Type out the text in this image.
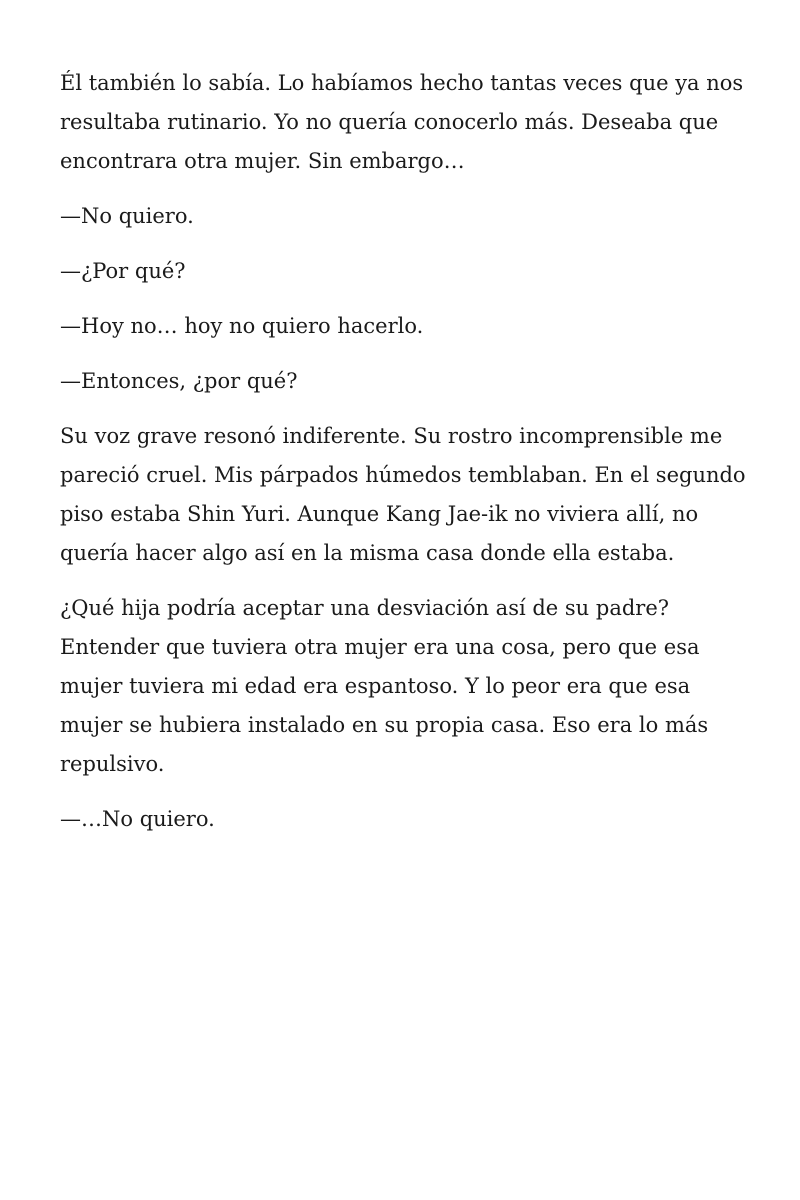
Él también lo sabía. Lo habíamos hecho tantas veces que ya nos resultaba rutinario. Yo no quería conocerlo más. Deseaba que encontrara otra mujer. Sin embargo…

—No quiero.

—¿Por qué?

—Hoy no… hoy no quiero hacerlo.

—Entonces, ¿por qué?

Su voz grave resonó indiferente. Su rostro incomprensible me pareció cruel. Mis párpados húmedos temblaban. En el segundo piso estaba Shin Yuri. Aunque Kang Jae-ik no viviera allí, no quería hacer algo así en la misma casa donde ella estaba.

¿Qué hija podría aceptar una desviación así de su padre? Entender que tuviera otra mujer era una cosa, pero que esa mujer tuviera mi edad era espantoso. Y lo peor era que esa mujer se hubiera instalado en su propia casa. Eso era lo más repulsivo.

—…No quiero.
